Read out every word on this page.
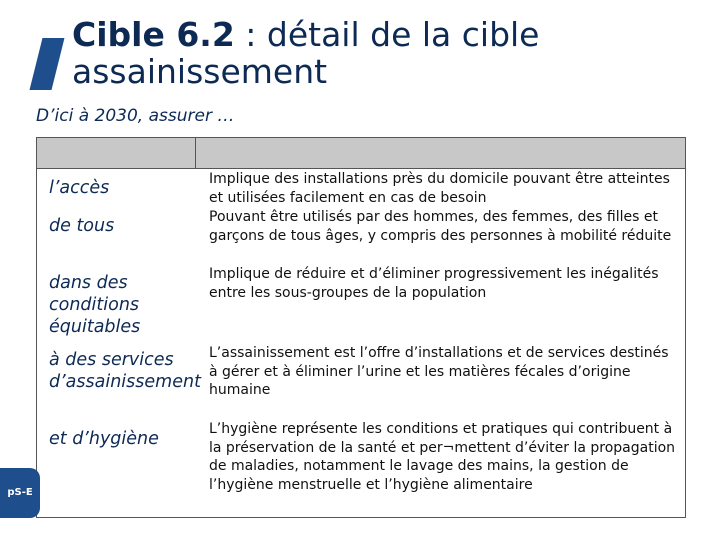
Cible 6.2 : détail de la cible assainissement
D’ici à 2030, assurer …
l’accès
de tous
dans des conditions équitables
à des services d’assainissement
et d’hygiène
Implique des installations près du domicile pouvant être atteintes et utilisées facilement en cas de besoin
Pouvant être utilisés par des hommes, des femmes, des filles et garçons de tous âges, y compris des personnes à mobilité réduite
Implique de réduire et d’éliminer progressivement les inégalités entre les sous-groupes de la population
L’assainissement est l’offre d’installations et de services destinés à gérer et à éliminer l’urine et les matières fécales d’origine humaine
L’hygiène représente les conditions et pratiques qui contribuent à la préservation de la santé et per¬mettent d’éviter la propagation de maladies, notamment le lavage des mains, la gestion de l’hygiène menstruelle et l’hygiène alimentaire
pS-E
